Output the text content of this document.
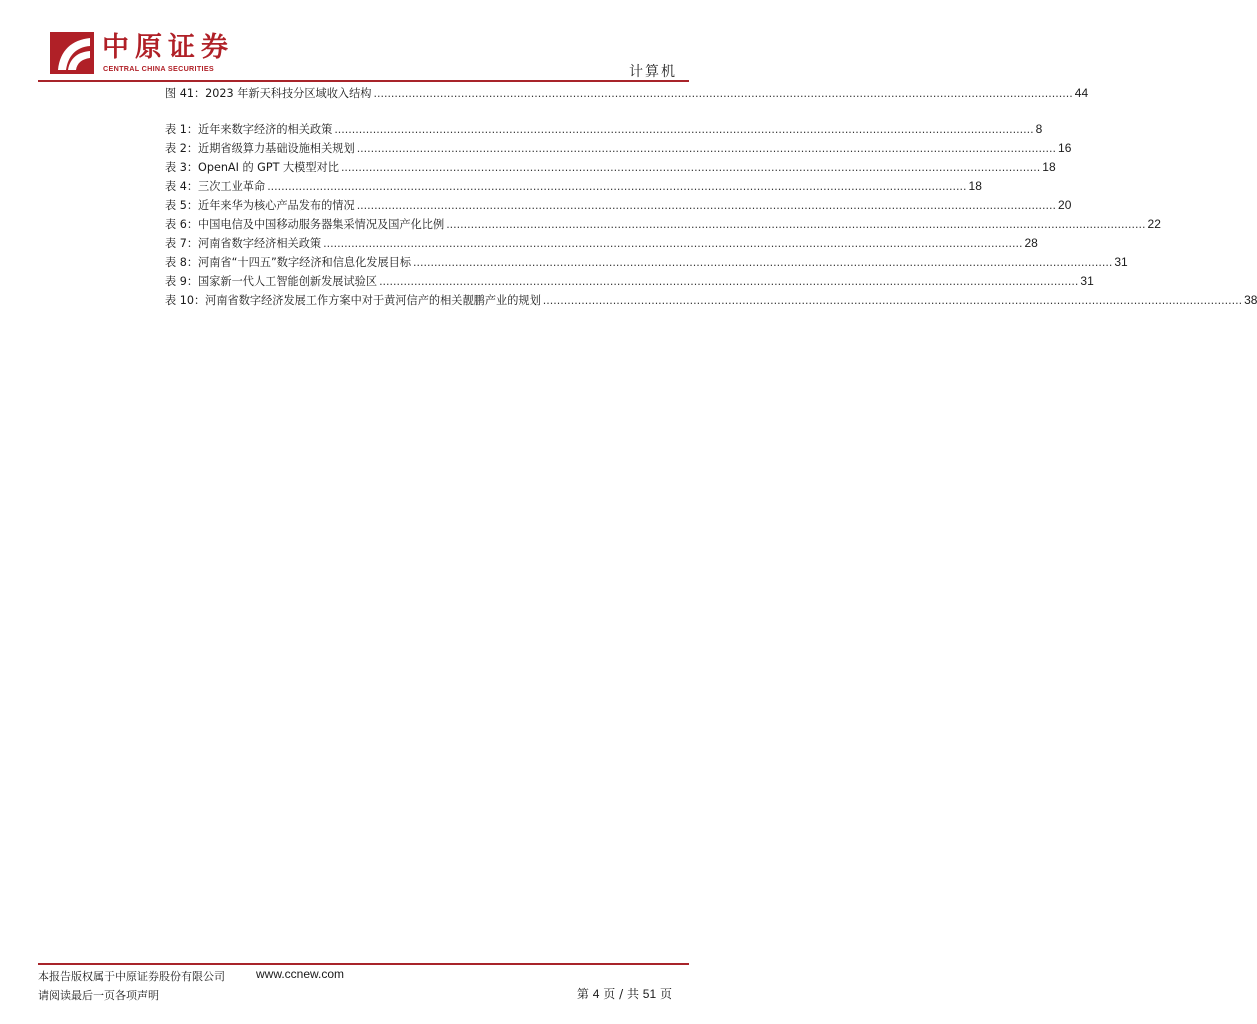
中原证券
CENTRAL CHINA SECURITIES	计算机
图 41：2023 年新天科技分区域收入结构 ........................................................................................................................................................................................................ 44
表 1：近年来数字经济的相关政策 ........................................................................................................................................................................................................ 8
表 2：近期省级算力基础设施相关规划 ........................................................................................................................................................................................................ 16
表 3：OpenAI 的 GPT 大模型对比 ........................................................................................................................................................................................................ 18
表 4：三次工业革命 ........................................................................................................................................................................................................ 18
表 5：近年来华为核心产品发布的情况 ........................................................................................................................................................................................................ 20
表 6：中国电信及中国移动服务器集采情况及国产化比例 ........................................................................................................................................................................................................ 22
表 7：河南省数字经济相关政策 ........................................................................................................................................................................................................ 28
表 8：河南省“十四五”数字经济和信息化发展目标 ........................................................................................................................................................................................................ 31
表 9：国家新一代人工智能创新发展试验区 ........................................................................................................................................................................................................ 31
表 10：河南省数字经济发展工作方案中对于黄河信产的相关靓鹏产业的规划 ........................................................................................................................................................................................................ 38
本报告版权属于中原证券股份有限公司	www.ccnew.com
请阅读最后一页各项声明	第 4 页 / 共 51 页
